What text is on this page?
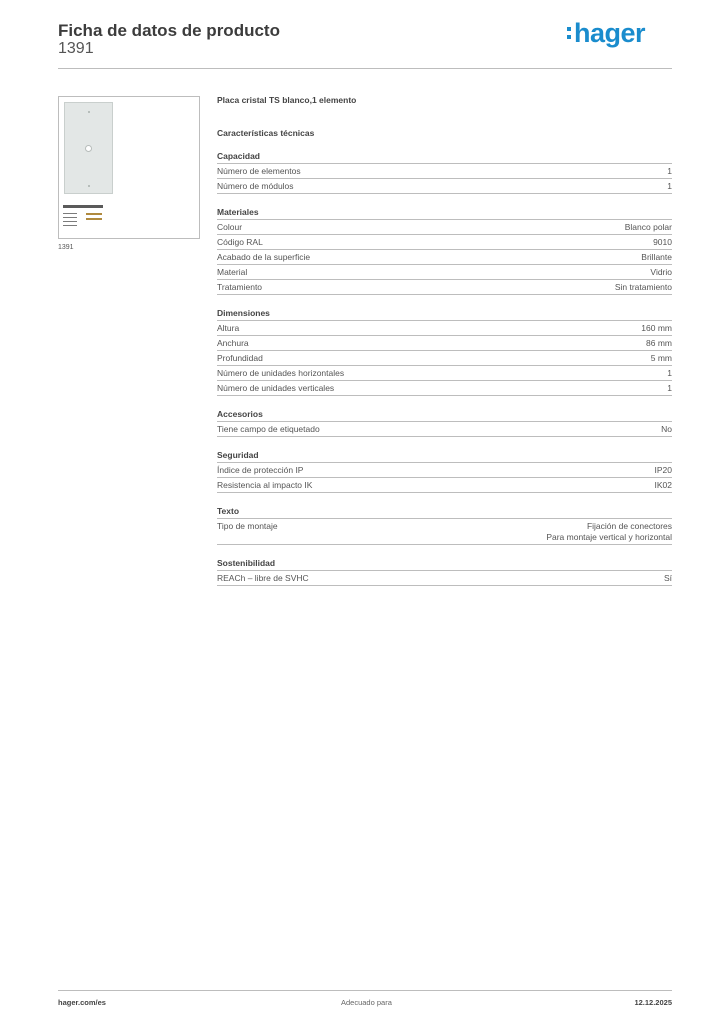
Ficha de datos de producto
1391
hager
1391
Placa cristal TS blanco,1 elemento
Características técnicas
Capacidad
Número de elementos	1
Número de módulos	1
Materiales
Colour	Blanco polar
Código RAL	9010
Acabado de la superficie	Brillante
Material	Vidrio
Tratamiento	Sin tratamiento
Dimensiones
Altura	160 mm
Anchura	86 mm
Profundidad	5 mm
Número de unidades horizontales	1
Número de unidades verticales	1
Accesorios
Tiene campo de etiquetado	No
Seguridad
Índice de protección IP	IP20
Resistencia al impacto IK	IK02
Texto
Tipo de montaje	Fijación de conectores
Para montaje vertical y horizontal
Sostenibilidad
REACh – libre de SVHC	Sí
hager.com/es	Adecuado para	12.12.2025
